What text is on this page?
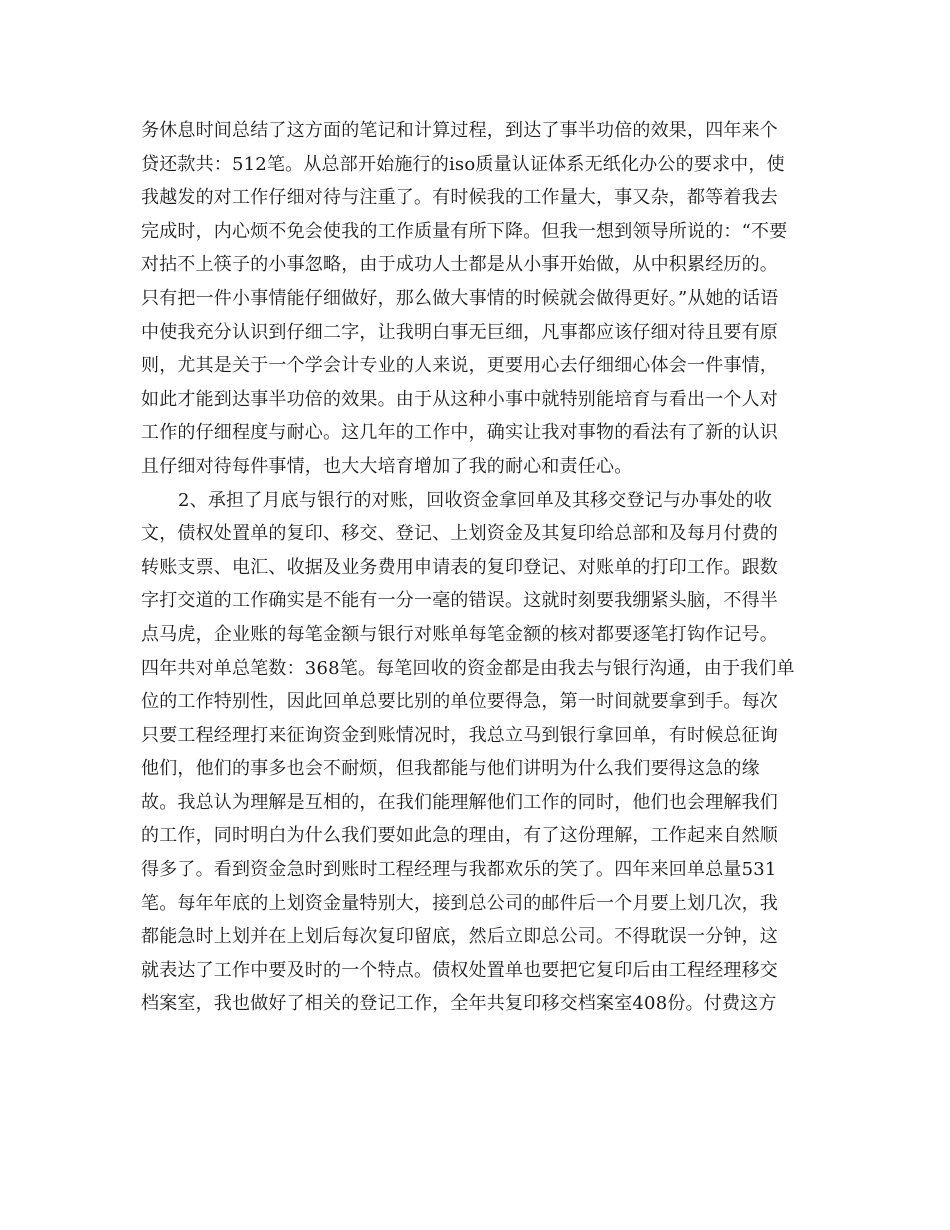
务休息时间总结了这方面的笔记和计算过程，到达了事半功倍的效果，四年来个
贷还款共：512笔。从总部开始施行的iso质量认证体系无纸化办公的要求中，使
我越发的对工作仔细对待与注重了。有时候我的工作量大，事又杂，都等着我去
完成时，内心烦不免会使我的工作质量有所下降。但我一想到领导所说的：“不要
对拈不上筷子的小事忽略，由于成功人士都是从小事开始做，从中积累经历的。
只有把一件小事情能仔细做好，那么做大事情的时候就会做得更好。”从她的话语
中使我充分认识到仔细二字，让我明白事无巨细，凡事都应该仔细对待且要有原
则，尤其是关于一个学会计专业的人来说，更要用心去仔细细心体会一件事情，
如此才能到达事半功倍的效果。由于从这种小事中就特别能培育与看出一个人对
工作的仔细程度与耐心。这几年的工作中，确实让我对事物的看法有了新的认识
且仔细对待每件事情，也大大培育增加了我的耐心和责任心。
2、承担了月底与银行的对账，回收资金拿回单及其移交登记与办事处的收
文，债权处置单的复印、移交、登记、上划资金及其复印给总部和及每月付费的
转账支票、电汇、收据及业务费用申请表的复印登记、对账单的打印工作。跟数
字打交道的工作确实是不能有一分一毫的错误。这就时刻要我绷紧头脑，不得半
点马虎，企业账的每笔金额与银行对账单每笔金额的核对都要逐笔打钩作记号。
四年共对单总笔数：368笔。每笔回收的资金都是由我去与银行沟通，由于我们单
位的工作特别性，因此回单总要比别的单位要得急，第一时间就要拿到手。每次
只要工程经理打来征询资金到账情况时，我总立马到银行拿回单，有时候总征询
他们，他们的事多也会不耐烦，但我都能与他们讲明为什么我们要得这急的缘
故。我总认为理解是互相的，在我们能理解他们工作的同时，他们也会理解我们
的工作，同时明白为什么我们要如此急的理由，有了这份理解，工作起来自然顺
得多了。看到资金急时到账时工程经理与我都欢乐的笑了。四年来回单总量531
笔。每年年底的上划资金量特别大，接到总公司的邮件后一个月要上划几次，我
都能急时上划并在上划后每次复印留底，然后立即总公司。不得耽误一分钟，这
就表达了工作中要及时的一个特点。债权处置单也要把它复印后由工程经理移交
档案室，我也做好了相关的登记工作，全年共复印移交档案室408份。付费这方
